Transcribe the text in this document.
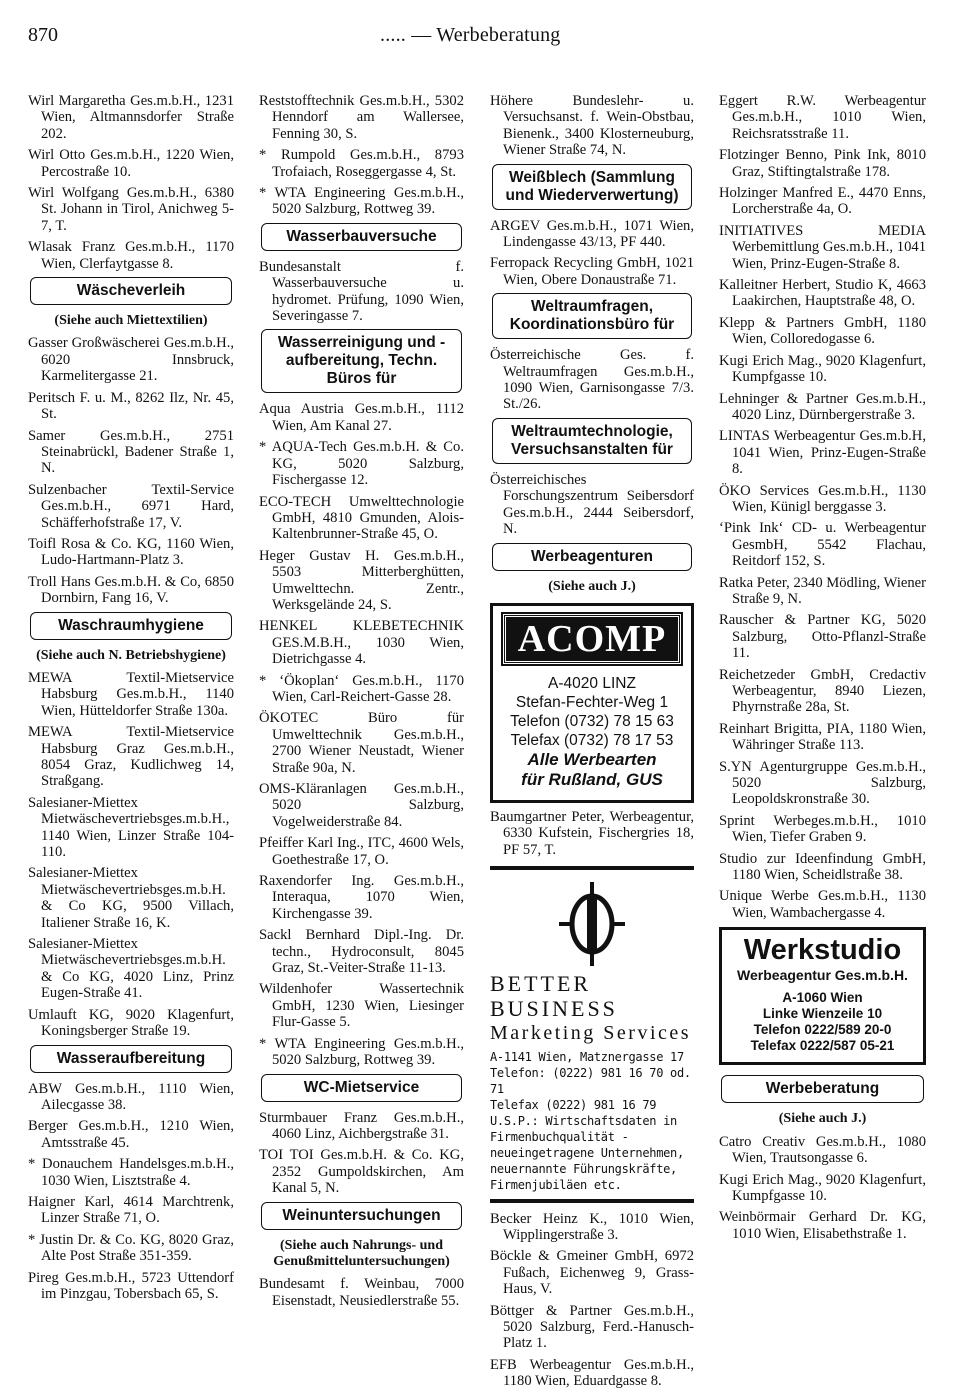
870	..... — Werbeberatung

Wirl Margaretha Ges.m.b.H., 1231 Wien, Altmannsdorfer Straße 202.

Wirl Otto Ges.m.b.H., 1220 Wien, Percostraße 10.

Wirl Wolfgang Ges.m.b.H., 6380 St. Johann in Tirol, Anichweg 5-7, T.

Wlasak Franz Ges.m.b.H., 1170 Wien, Clerfaytgasse 8.

Wäscheverleih

(Siehe auch Miettextilien)

Gasser Großwäscherei Ges.m.b.H., 6020 Innsbruck, Karmelitergasse 21.

Peritsch F. u. M., 8262 Ilz, Nr. 45, St.

Samer Ges.m.b.H., 2751 Steinabrückl, Badener Straße 1, N.

Sulzenbacher Textil-Service Ges.m.b.H., 6971 Hard, Schäfferhofstraße 17, V.

Toifl Rosa & Co. KG, 1160 Wien, Ludo-Hartmann-Platz 3.

Troll Hans Ges.m.b.H. & Co, 6850 Dornbirn, Fang 16, V.

Waschraumhygiene

(Siehe auch N. Betriebshygiene)

MEWA Textil-Mietservice Habsburg Ges.m.b.H., 1140 Wien, Hütteldorfer Straße 130a.

MEWA Textil-Mietservice Habsburg Graz Ges.m.b.H., 8054 Graz, Kudlichweg 14, Straßgang.

Salesianer-Miettex Mietwäschevertriebsges.m.b.H., 1140 Wien, Linzer Straße 104-110.

Salesianer-Miettex Mietwäschevertriebsges.m.b.H. & Co KG, 9500 Villach, Italiener Straße 16, K.

Salesianer-Miettex Mietwäschevertriebsges.m.b.H. & Co KG, 4020 Linz, Prinz Eugen-Straße 41.

Umlauft KG, 9020 Klagenfurt, Koningsberger Straße 19.

Wasseraufbereitung

ABW Ges.m.b.H., 1110 Wien, Ailecgasse 38.

Berger Ges.m.b.H., 1210 Wien, Amtsstraße 45.

* Donauchem Handelsges.m.b.H., 1030 Wien, Lisztstraße 4.

Haigner Karl, 4614 Marchtrenk, Linzer Straße 71, O.

* Justin Dr. & Co. KG, 8020 Graz, Alte Post Straße 351-359.

Pireg Ges.m.b.H., 5723 Uttendorf im Pinzgau, Tobersbach 65, S.

Reststofftechnik Ges.m.b.H., 5302 Henndorf am Wallersee, Fenning 30, S.

* Rumpold Ges.m.b.H., 8793 Trofaiach, Roseggergasse 4, St.

* WTA Engineering Ges.m.b.H., 5020 Salzburg, Rottweg 39.

Wasserbauversuche

Bundesanstalt f. Wasserbauversuche u. hydromet. Prüfung, 1090 Wien, Severingasse 7.

Wasserreinigung und -aufbereitung, Techn. Büros für

Aqua Austria Ges.m.b.H., 1112 Wien, Am Kanal 27.

* AQUA-Tech Ges.m.b.H. & Co. KG, 5020 Salzburg, Fischergasse 12.

ECO-TECH Umwelttechnologie GmbH, 4810 Gmunden, Alois-Kaltenbrunner-Straße 45, O.

Heger Gustav H. Ges.m.b.H., 5503 Mitterberghütten, Umwelttechn. Zentr., Werksgelände 24, S.

HENKEL KLEBETECHNIK GES.M.B.H., 1030 Wien, Dietrichgasse 4.

* ‘Ökoplan‘ Ges.m.b.H., 1170 Wien, Carl-Reichert-Gasse 28.

ÖKOTEC Büro für Umwelttechnik Ges.m.b.H., 2700 Wiener Neustadt, Wiener Straße 90a, N.

OMS-Kläranlagen Ges.m.b.H., 5020 Salzburg, Vogelweiderstraße 84.

Pfeiffer Karl Ing., ITC, 4600 Wels, Goethestraße 17, O.

Raxendorfer Ing. Ges.m.b.H., Interaqua, 1070 Wien, Kirchengasse 39.

Sackl Bernhard Dipl.-Ing. Dr. techn., Hydroconsult, 8045 Graz, St.-Veiter-Straße 11-13.

Wildenhofer Wassertechnik GmbH, 1230 Wien, Liesinger Flur-Gasse 5.

* WTA Engineering Ges.m.b.H., 5020 Salzburg, Rottweg 39.

WC-Mietservice

Sturmbauer Franz Ges.m.b.H., 4060 Linz, Aichbergstraße 31.

TOI TOI Ges.m.b.H. & Co. KG, 2352 Gumpoldskirchen, Am Kanal 5, N.

Weinuntersuchungen

(Siehe auch Nahrungs- und Genußmitteluntersuchungen)

Bundesamt f. Weinbau, 7000 Eisenstadt, Neusiedlerstraße 55.

Höhere Bundeslehr- u. Versuchsanst. f. Wein-Obstbau, Bienenk., 3400 Klosterneuburg, Wiener Straße 74, N.

Weißblech (Sammlung und Wiederverwertung)

ARGEV Ges.m.b.H., 1071 Wien, Lindengasse 43/13, PF 440.

Ferropack Recycling GmbH, 1021 Wien, Obere Donaustraße 71.

Weltraumfragen, Koordinationsbüro für

Österreichische Ges. f. Weltraumfragen Ges.m.b.H., 1090 Wien, Garnisongasse 7/3. St./26.

Weltraumtechnologie, Versuchsanstalten für

Österreichisches Forschungszentrum Seibersdorf Ges.m.b.H., 2444 Seibersdorf, N.

Werbeagenturen

(Siehe auch J.)

ACOMP
A-4020 LINZ
Stefan-Fechter-Weg 1
Telefon (0732) 78 15 63
Telefax (0732) 78 17 53
Alle Werbearten
für Rußland, GUS

Baumgartner Peter, Werbeagentur, 6330 Kufstein, Fischergries 18, PF 57, T.

BETTER BUSINESS
Marketing Services
A-1141 Wien, Matznergasse 17
Telefon: (0222) 981 16 70 od. 71
Telefax (0222) 981 16 79
U.S.P.: Wirtschaftsdaten in Firmenbuchqualität - neueingetragene Unternehmen, neuernannte Führungskräfte, Firmenjubiläen etc.

Becker Heinz K., 1010 Wien, Wipplingerstraße 3.

Böckle & Gmeiner GmbH, 6972 Fußach, Eichenweg 9, Grass-Haus, V.

Böttger & Partner Ges.m.b.H., 5020 Salzburg, Ferd.-Hanusch-Platz 1.

EFB Werbeagentur Ges.m.b.H., 1180 Wien, Eduardgasse 8.

Eggert R.W. Werbeagentur Ges.m.b.H., 1010 Wien, Reichsratsstraße 11.

Flotzinger Benno, Pink Ink, 8010 Graz, Stiftingtalstraße 178.

Holzinger Manfred E., 4470 Enns, Lorcherstraße 4a, O.

INITIATIVES MEDIA Werbemittlung Ges.m.b.H., 1041 Wien, Prinz-Eugen-Straße 8.

Kalleitner Herbert, Studio K, 4663 Laakirchen, Hauptstraße 48, O.

Klepp & Partners GmbH, 1180 Wien, Colloredogasse 6.

Kugi Erich Mag., 9020 Klagenfurt, Kumpfgasse 10.

Lehninger & Partner Ges.m.b.H., 4020 Linz, Dürnbergerstraße 3.

LINTAS Werbeagentur Ges.m.b.H, 1041 Wien, Prinz-Eugen-Straße 8.

ÖKO Services Ges.m.b.H., 1130 Wien, Künigl berggasse 3.

‘Pink Ink‘ CD- u. Werbeagentur GesmbH, 5542 Flachau, Reitdorf 152, S.

Ratka Peter, 2340 Mödling, Wiener Straße 9, N.

Rauscher & Partner KG, 5020 Salzburg, Otto-Pflanzl-Straße 11.

Reichetzeder GmbH, Credactiv Werbeagentur, 8940 Liezen, Phyrnstraße 28a, St.

Reinhart Brigitta, PIA, 1180 Wien, Währinger Straße 113.

S.YN Agenturgruppe Ges.m.b.H., 5020 Salzburg, Leopoldskronstraße 30.

Sprint Werbeges.m.b.H., 1010 Wien, Tiefer Graben 9.

Studio zur Ideenfindung GmbH, 1180 Wien, Scheidlstraße 38.

Unique Werbe Ges.m.b.H., 1130 Wien, Wambachergasse 4.

Werkstudio
Werbeagentur Ges.m.b.H.
A-1060 Wien
Linke Wienzeile 10
Telefon 0222/589 20-0
Telefax 0222/587 05-21
Werbeberatung

(Siehe auch J.)

Catro Creativ Ges.m.b.H., 1080 Wien, Trautsongasse 6.

Kugi Erich Mag., 9020 Klagenfurt, Kumpfgasse 10.

Weinbörmair Gerhard Dr. KG, 1010 Wien, Elisabethstraße 1.
